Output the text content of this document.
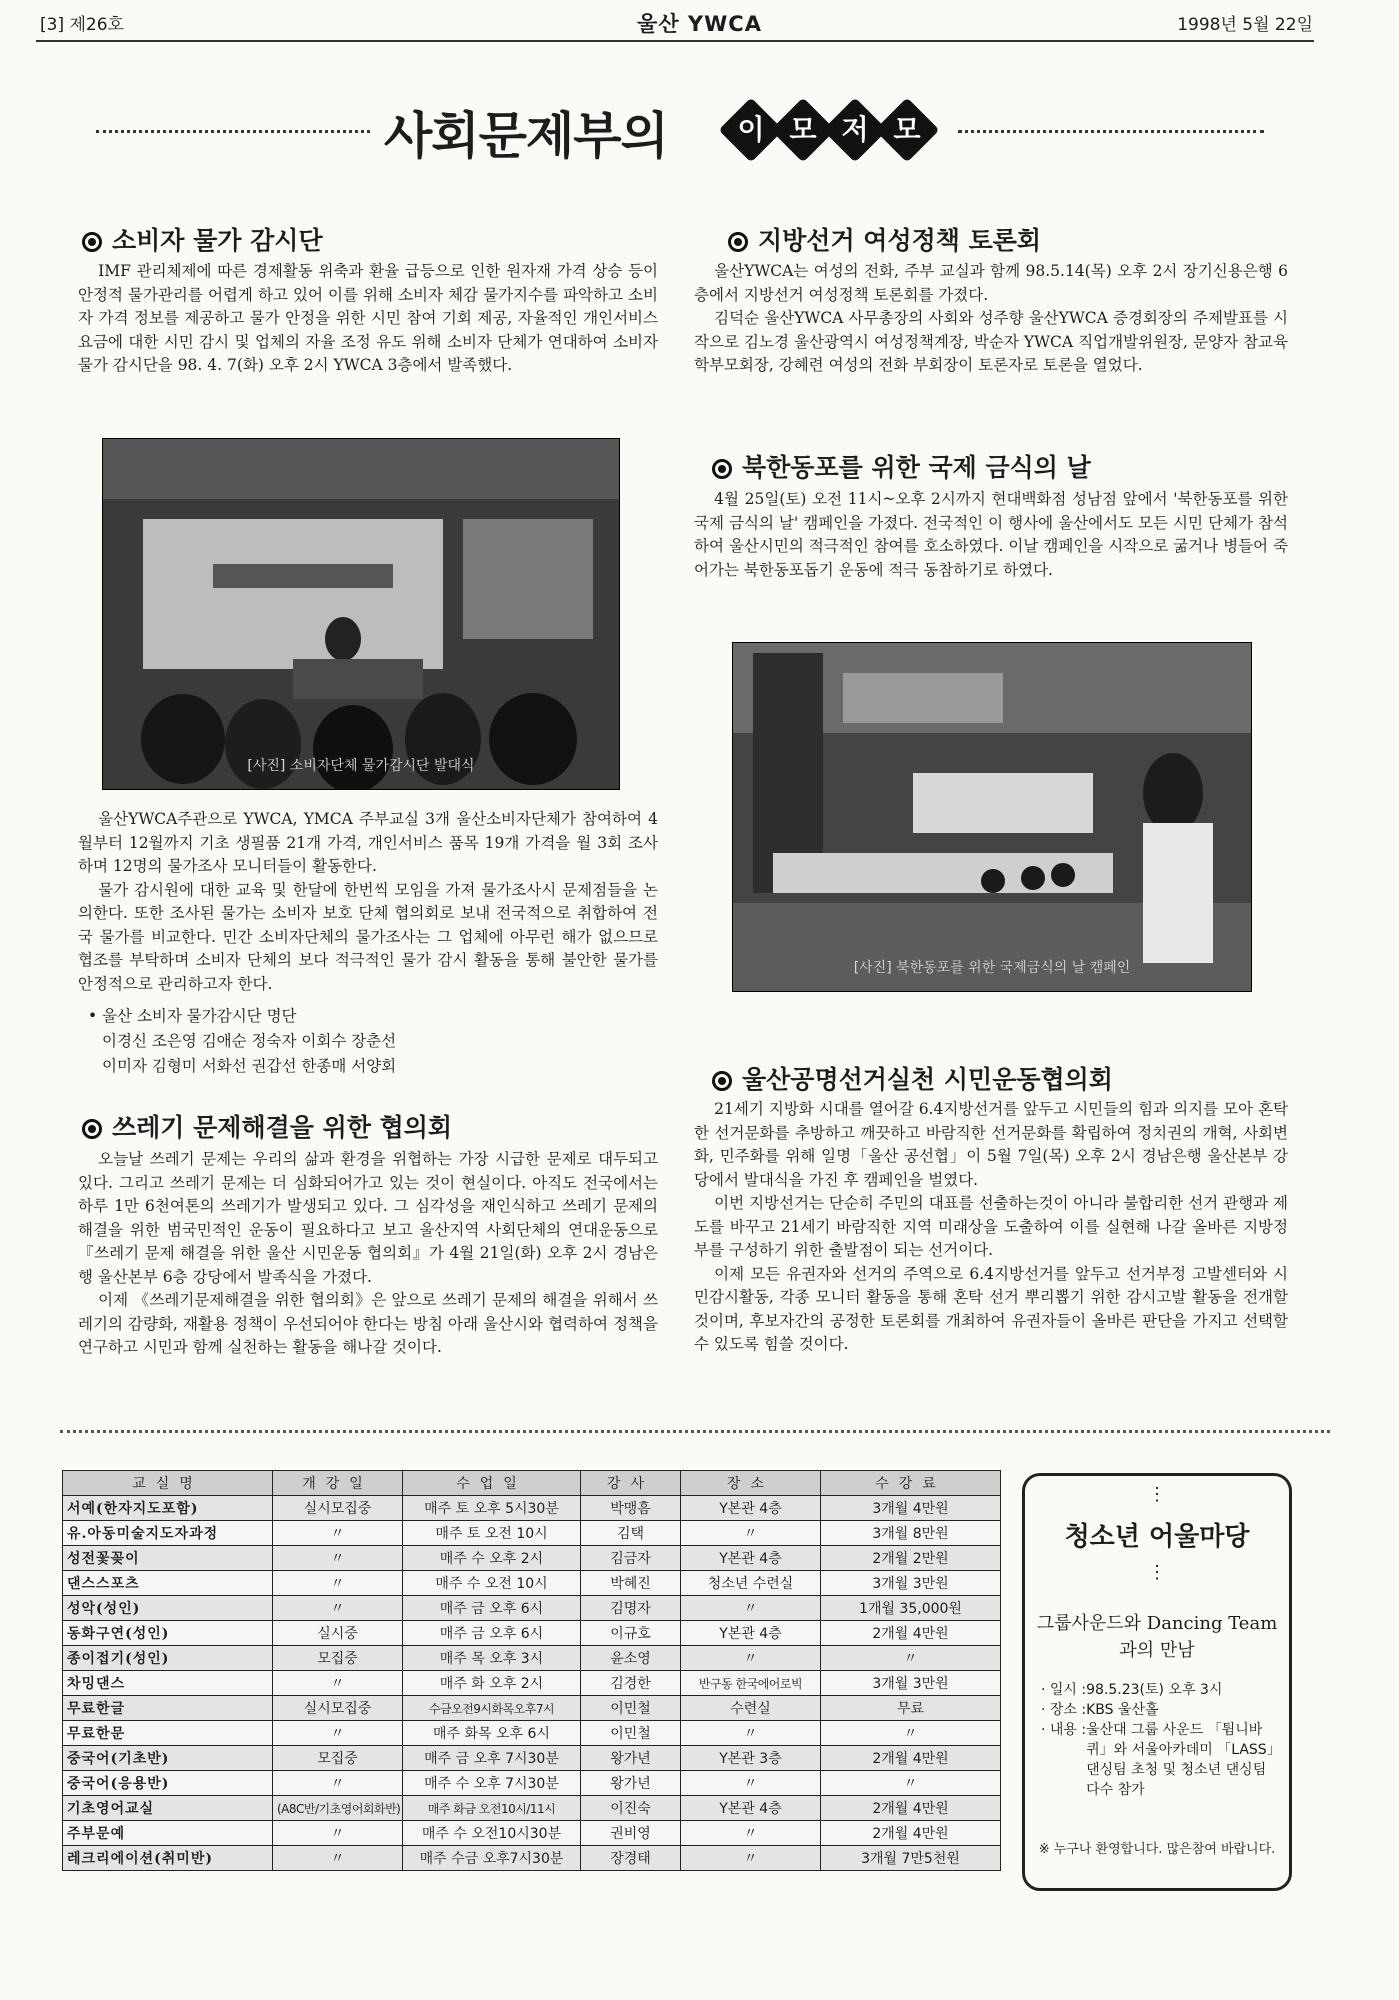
[3] 제26호	울산 YWCA	1998년 5월 22일
사회문제부의	이 모 저 모
소비자 물가 감시단

IMF 관리체제에 따른 경제활동 위축과 환율 급등으로 인한 원자재 가격 상승 등이 안정적 물가관리를 어렵게 하고 있어 이를 위해 소비자 체감 물가지수를 파악하고 소비자 가격 정보를 제공하고 물가 안정을 위한 시민 참여 기회 제공, 자율적인 개인서비스 요금에 대한 시민 감시 및 업체의 자율 조정 유도 위해 소비자 단체가 연대하여 소비자 물가 감시단을 98. 4. 7(화) 오후 2시 YWCA 3층에서 발족했다.

[사진] 소비자단체 물가감시단 발대식

울산YWCA주관으로 YWCA, YMCA 주부교실 3개 울산소비자단체가 참여하여 4월부터 12월까지 기초 생필품 21개 가격, 개인서비스 품목 19개 가격을 월 3회 조사하며 12명의 물가조사 모니터들이 활동한다.

물가 감시원에 대한 교육 및 한달에 한번씩 모임을 가져 물가조사시 문제점들을 논의한다. 또한 조사된 물가는 소비자 보호 단체 협의회로 보내 전국적으로 취합하여 전국 물가를 비교한다. 민간 소비자단체의 물가조사는 그 업체에 아무런 해가 없으므로 협조를 부탁하며 소비자 단체의 보다 적극적인 물가 감시 활동을 통해 불안한 물가를 안정적으로 관리하고자 한다.

• 울산 소비자 물가감시단 명단
이경신 조은영 김애순 정숙자 이회수 장춘선
이미자 김형미 서화선 권갑선 한종매 서양회
쓰레기 문제해결을 위한 협의회

오늘날 쓰레기 문제는 우리의 삶과 환경을 위협하는 가장 시급한 문제로 대두되고 있다. 그리고 쓰레기 문제는 더 심화되어가고 있는 것이 현실이다. 아직도 전국에서는 하루 1만 6천여톤의 쓰레기가 발생되고 있다. 그 심각성을 재인식하고 쓰레기 문제의 해결을 위한 범국민적인 운동이 필요하다고 보고 울산지역 사회단체의 연대운동으로 『쓰레기 문제 해결을 위한 울산 시민운동 협의회』가 4월 21일(화) 오후 2시 경남은행 울산본부 6층 강당에서 발족식을 가졌다.

이제 《쓰레기문제해결을 위한 협의회》은 앞으로 쓰레기 문제의 해결을 위해서 쓰레기의 감량화, 재활용 정책이 우선되어야 한다는 방침 아래 울산시와 협력하여 정책을 연구하고 시민과 함께 실천하는 활동을 해나갈 것이다.

지방선거 여성정책 토론회

울산YWCA는 여성의 전화, 주부 교실과 함께 98.5.14(목) 오후 2시 장기신용은행 6층에서 지방선거 여성정책 토론회를 가졌다.

김덕순 울산YWCA 사무총장의 사회와 성주향 울산YWCA 증경회장의 주제발표를 시작으로 김노경 울산광역시 여성정책계장, 박순자 YWCA 직업개발위원장, 문양자 참교육 학부모회장, 강혜련 여성의 전화 부회장이 토론자로 토론을 열었다.

북한동포를 위한 국제 금식의 날

4월 25일(토) 오전 11시~오후 2시까지 현대백화점 성남점 앞에서 '북한동포를 위한 국제 금식의 날' 캠페인을 가졌다. 전국적인 이 행사에 울산에서도 모든 시민 단체가 참석하여 울산시민의 적극적인 참여를 호소하였다. 이날 캠페인을 시작으로 굶거나 병들어 죽어가는 북한동포돕기 운동에 적극 동참하기로 하였다.

[사진] 북한동포를 위한 국제금식의 날 캠페인
울산공명선거실천 시민운동협의회

21세기 지방화 시대를 열어갈 6.4지방선거를 앞두고 시민들의 힘과 의지를 모아 혼탁한 선거문화를 추방하고 깨끗하고 바람직한 선거문화를 확립하여 정치권의 개혁, 사회변화, 민주화를 위해 일명「울산 공선협」이 5월 7일(목) 오후 2시 경남은행 울산본부 강당에서 발대식을 가진 후 캠페인을 벌였다.

이번 지방선거는 단순히 주민의 대표를 선출하는것이 아니라 불합리한 선거 관행과 제도를 바꾸고 21세기 바람직한 지역 미래상을 도출하여 이를 실현해 나갈 올바른 지방정부를 구성하기 위한 출발점이 되는 선거이다.

이제 모든 유권자와 선거의 주역으로 6.4지방선거를 앞두고 선거부정 고발센터와 시민감시활동, 각종 모니터 활동을 통해 혼탁 선거 뿌리뽑기 위한 감시고발 활동을 전개할 것이며, 후보자간의 공정한 토론회를 개최하여 유권자들이 올바른 판단을 가지고 선택할 수 있도록 힘쓸 것이다.

교실명	개강일	수업일	강사	장소	수강료
서예(한자지도포함)	실시모집중	매주 토 오후 5시30분	박맹흠	Y본관 4층	3개월 4만원
유.아동미술지도자과정	〃	매주 토 오전 10시	김택	〃	3개월 8만원
성전꽃꽂이	〃	매주 수 오후 2시	김금자	Y본관 4층	2개월 2만원
댄스스포츠	〃	매주 수 오전 10시	박혜진	청소년 수련실	3개월 3만원
성악(성인)	〃	매주 금 오후 6시	김명자	〃	1개월 35,000원
동화구연(성인)	실시중	매주 금 오후 6시	이규호	Y본관 4층	2개월 4만원
종이접기(성인)	모집중	매주 목 오후 3시	윤소영	〃	〃
차밍댄스	〃	매주 화 오후 2시	김경한	반구동 한국에어로빅	3개월 3만원
무료한글	실시모집중	수금오전9시화목오후7시	이민철	수련실	무료
무료한문	〃	매주 화목 오후 6시	이민철	〃	〃
중국어(기초반)	모집중	매주 금 오후 7시30분	왕가년	Y본관 3층	2개월 4만원
중국어(응용반)	〃	매주 수 오후 7시30분	왕가년	〃	〃
기초영어교실	(A8C반/기초영어회화반)	매주 화금 오전10시/11시	이진숙	Y본관 4층	2개월 4만원
주부문예	〃	매주 수 오전10시30분	권비영	〃	2개월 4만원
레크리에이션(취미반)	〃	매주 수금 오후7시30분	장경태	〃	3개월 7만5천원
⋮
청소년 어울마당
⋮
그룹사운드와 Dancing Team과의 만남
· 일시 : 98.5.23(토) 오후 3시
· 장소 : KBS 울산홀
· 내용 : 울산대 그룹 사운드 「튐니바퀴」와 서울아카데미 「LASS」댄싱팀 초청 및 청소년 댄싱팀 다수 참가
※ 누구나 환영합니다. 많은참여 바랍니다.
